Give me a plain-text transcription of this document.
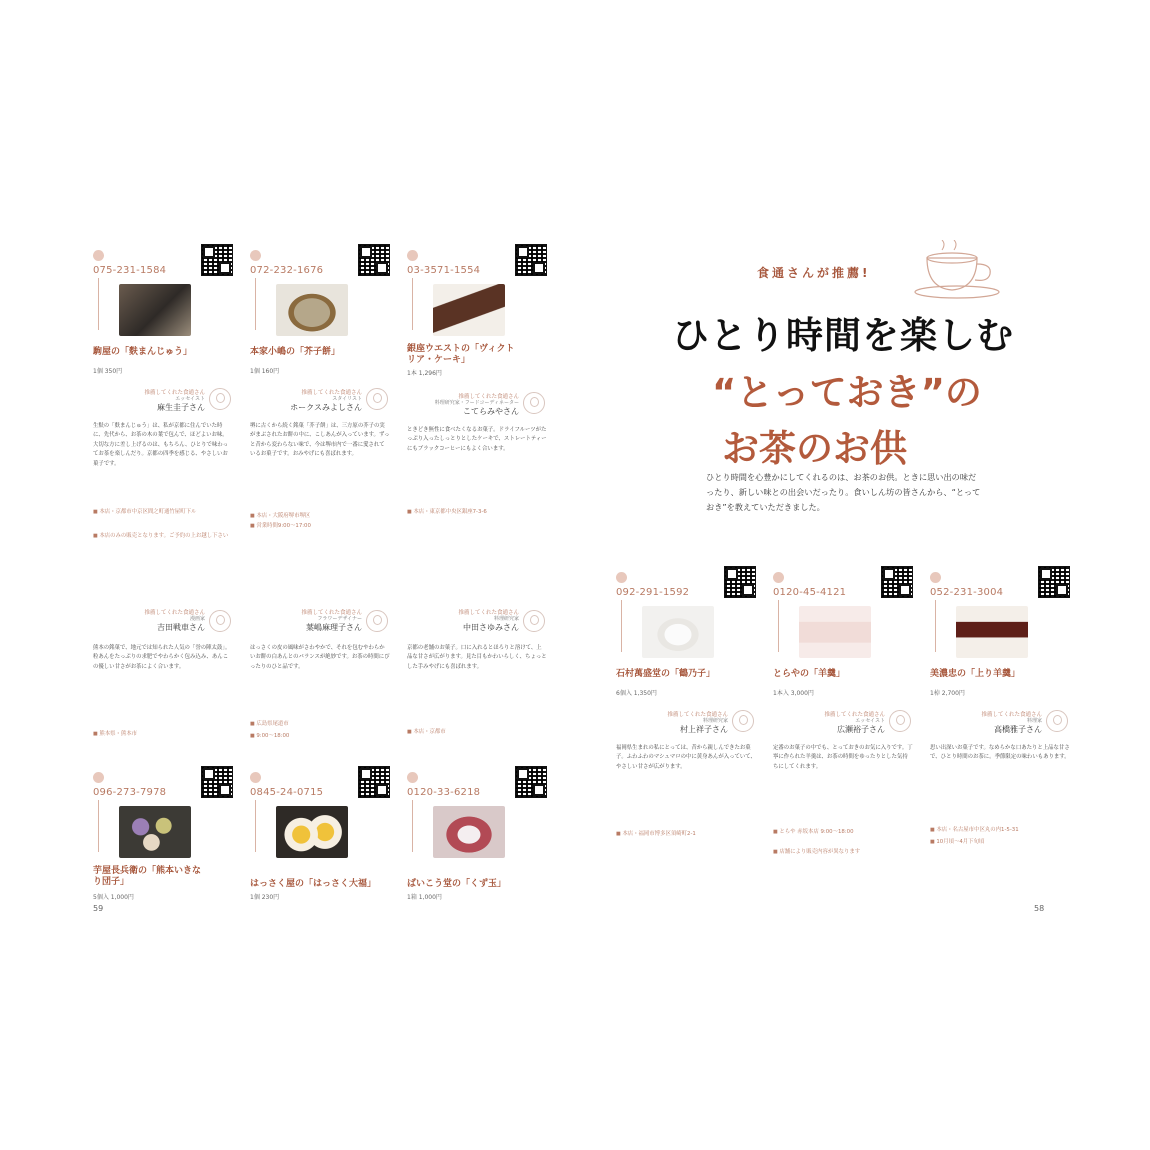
075-231-1584
駒屋の「麩まんじゅう」
1個 350円
推薦してくれた食通さん
エッセイスト
麻生圭子さん
生麩の「麩まんじゅう」は、私が京都に住んでいた時に、先代から、お茶の木の葉で包んで、ほどよいお味。大切な方に差し上げるのは、もちろん、ひとりで味わってお茶を楽しんだり。京都の四季を感じる、やさしいお菓子です。
■ 本店・京都市中京区間之町通竹屋町下ル
■ 本店のみの販売となります。ご予約の上お越し下さい
072-232-1676
本家小嶋の「芥子餅」
1個 160円
推薦してくれた食通さん
スタイリスト
ホークスみよしさん
堺に古くから続く銘菓「芥子餅」は、三方原の芥子の実がまぶされたお餅の中に、こしあんが入っています。ずっと昔から変わらない味で、今は堺市内で一番に愛されているお菓子です。おみやげにも喜ばれます。
■ 本店・大阪府堺市堺区
■ 営業時間9:00〜17:00
03-3571-1554
銀座ウエストの「ヴィクトリア・ケーキ」
1本 1,296円
推薦してくれた食通さん
料理研究家・フードコーディネーター
こてらみやさん
ときどき無性に食べたくなるお菓子。ドライフルーツがたっぷり入ったしっとりとしたケーキで、ストレートティーにもブラックコーヒーにもよく合います。
■ 本店・東京都中央区銀座7-3-6
推薦してくれた食通さん
漫画家
吉田戦車さん
熊本の銘菓で、地元では知られた人気の「誉の陣太鼓」。粒あんをたっぷりの求肥でやわらかく包み込み、あんこの優しい甘さがお茶によく合います。
■ 熊本県・熊本市
推薦してくれた食通さん
フラワーデザイナー
葉嶋麻理子さん
はっさくの皮の風味がさわやかで、それを包むやわらかいお餅の白あんとのバランスが絶妙です。お茶の時間にぴったりのひと品です。
■ 広島県尾道市
■ 9:00〜18:00
推薦してくれた食通さん
料理研究家
中田さゆみさん
京都の老舗のお菓子。口に入れるとほろりと溶けて、上品な甘さが広がります。見た目もかわいらしく、ちょっとした手みやげにも喜ばれます。
■ 本店・京都市
096-273-7978
芋屋長兵衛の「熊本いきなり団子」
5個入 1,000円
0845-24-0715
はっさく屋の「はっさく大福」
1個 230円
0120-33-6218
ばいこう堂の「くず玉」
1箱 1,000円
59
食通さんが推薦!
ひとり時間を楽しむ
“とっておき”の
お茶のお供
ひとり時間を心豊かにしてくれるのは、お茶のお供。ときに思い出の味だったり、新しい味との出会いだったり。食いしん坊の皆さんから、“とっておき”を教えていただきました。
092-291-1592
石村萬盛堂の「鶴乃子」
6個入 1,350円
推薦してくれた食通さん
料理研究家
村上祥子さん
福岡県生まれの私にとっては、昔から親しんできたお菓子。ふわふわのマシュマロの中に黄身あんが入っていて、やさしい甘さが広がります。
■ 本店・福岡市博多区須崎町2-1
0120-45-4121
とらやの「羊羹」
1本入 3,000円
推薦してくれた食通さん
エッセイスト
広瀬裕子さん
定番のお菓子の中でも、とっておきのお気に入りです。丁寧に作られた羊羹は、お茶の時間をゆったりとした気持ちにしてくれます。
■ とらや 赤坂本店 9:00〜18:00
■ 店舗により販売内容が異なります
052-231-3004
美濃忠の「上り羊羹」
1棹 2,700円
推薦してくれた食通さん
料理家
高橋雅子さん
思い出深いお菓子です。なめらかな口あたりと上品な甘さで、ひとり時間のお茶に。季節限定の味わいもあります。
■ 本店・名古屋市中区丸の内1-5-31
■ 10月頃〜4月下旬頃
58
